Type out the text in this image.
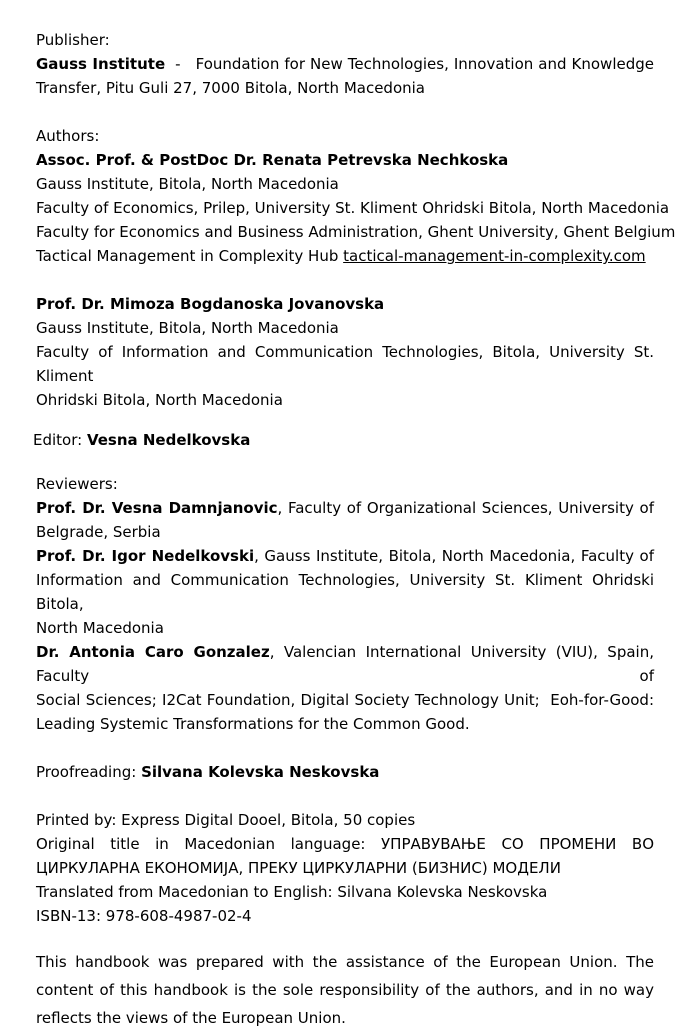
Publisher:
Gauss Institute  -   Foundation for New Technologies, Innovation and Knowledge
Transfer, Pitu Guli 27, 7000 Bitola, North Macedonia
Authors:
Assoc. Prof. & PostDoc Dr. Renata Petrevska Nechkoska
Gauss Institute, Bitola, North Macedonia
Faculty of Economics, Prilep, University St. Kliment Ohridski Bitola, North Macedonia
Faculty for Economics and Business Administration, Ghent University, Ghent Belgium
Tactical Management in Complexity Hub tactical-management-in-complexity.com
Prof. Dr. Mimoza Bogdanoska Jovanovska
Gauss Institute, Bitola, North Macedonia
Faculty of Information and Communication Technologies, Bitola, University St. Kliment
Ohridski Bitola, North Macedonia
Editor: Vesna Nedelkovska
Reviewers:
Prof. Dr. Vesna Damnjanovic, Faculty of Organizational Sciences, University of
Belgrade, Serbia
Prof. Dr. Igor Nedelkovski, Gauss Institute, Bitola, North Macedonia, Faculty of
Information and Communication Technologies, University St. Kliment Ohridski Bitola,
North Macedonia
Dr. Antonia Caro Gonzalez, Valencian International University (VIU), Spain, Faculty of
Social Sciences; I2Cat Foundation, Digital Society Technology Unit;  Eoh-for-Good:
Leading Systemic Transformations for the Common Good.
Proofreading: Silvana Kolevska Neskovska
Printed by: Express Digital Dooel, Bitola, 50 copies
Original title in Macedonian language: УПРАВУВАЊЕ СО ПРОМЕНИ ВО
ЦИРКУЛАРНА ЕКОНОМИЈА, ПРЕКУ ЦИРКУЛАРНИ (БИЗНИС) МОДЕЛИ
Translated from Macedonian to English: Silvana Kolevska Neskovska
ISBN-13: 978-608-4987-02-4
This handbook was prepared with the assistance of the European Union. The content of this handbook is the sole responsibility of the authors, and in no way reflects the views of the European Union.
